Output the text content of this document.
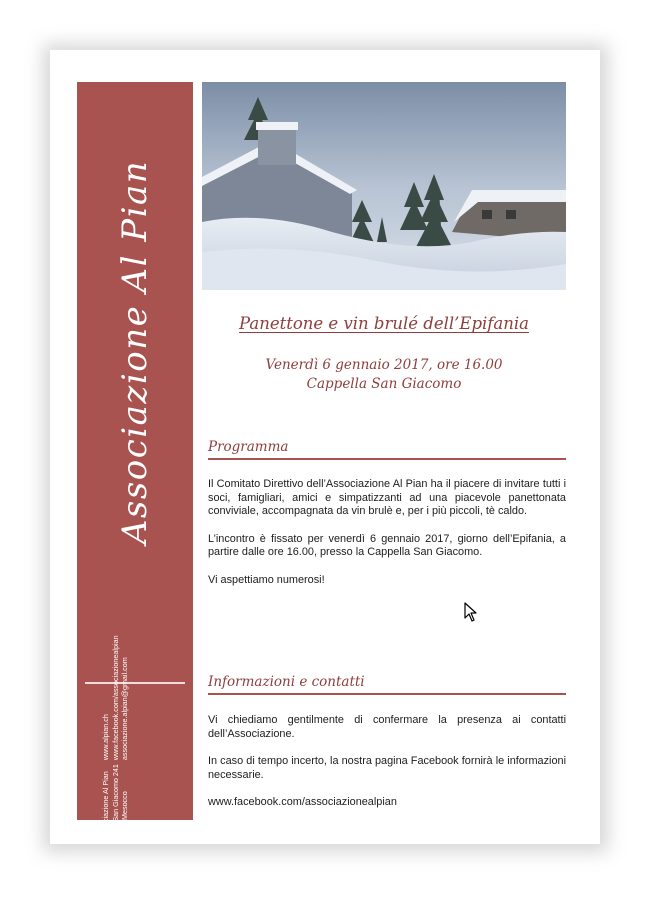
Associazione Al Pian
Associazione Al Pian Pian San Giacomo 241 6563 Mesocco
www.alpian.ch www.facebook.com/associazionealpian associazione.alpian@gmail.com
Panettone e vin brulé dell’Epifania
Venerdì 6 gennaio 2017, ore 16.00
Cappella San Giacomo
Programma

Il Comitato Direttivo dell’Associazione Al Pian ha il piacere di invitare tutti i soci, famigliari, amici e simpatizzanti ad una piacevole panettonata conviviale, accompagnata da vin brulè e, per i più piccoli, tè caldo.

L’incontro è fissato per venerdì 6 gennaio 2017, giorno dell’Epifania, a partire dalle ore 16.00, presso la Cappella San Giacomo.

Vi aspettiamo numerosi!

Informazioni e contatti

Vi chiediamo gentilmente di confermare la presenza ai contatti dell’Associazione.

In caso di tempo incerto, la nostra pagina Facebook fornirà le informazioni necessarie.

www.facebook.com/associazionealpian
